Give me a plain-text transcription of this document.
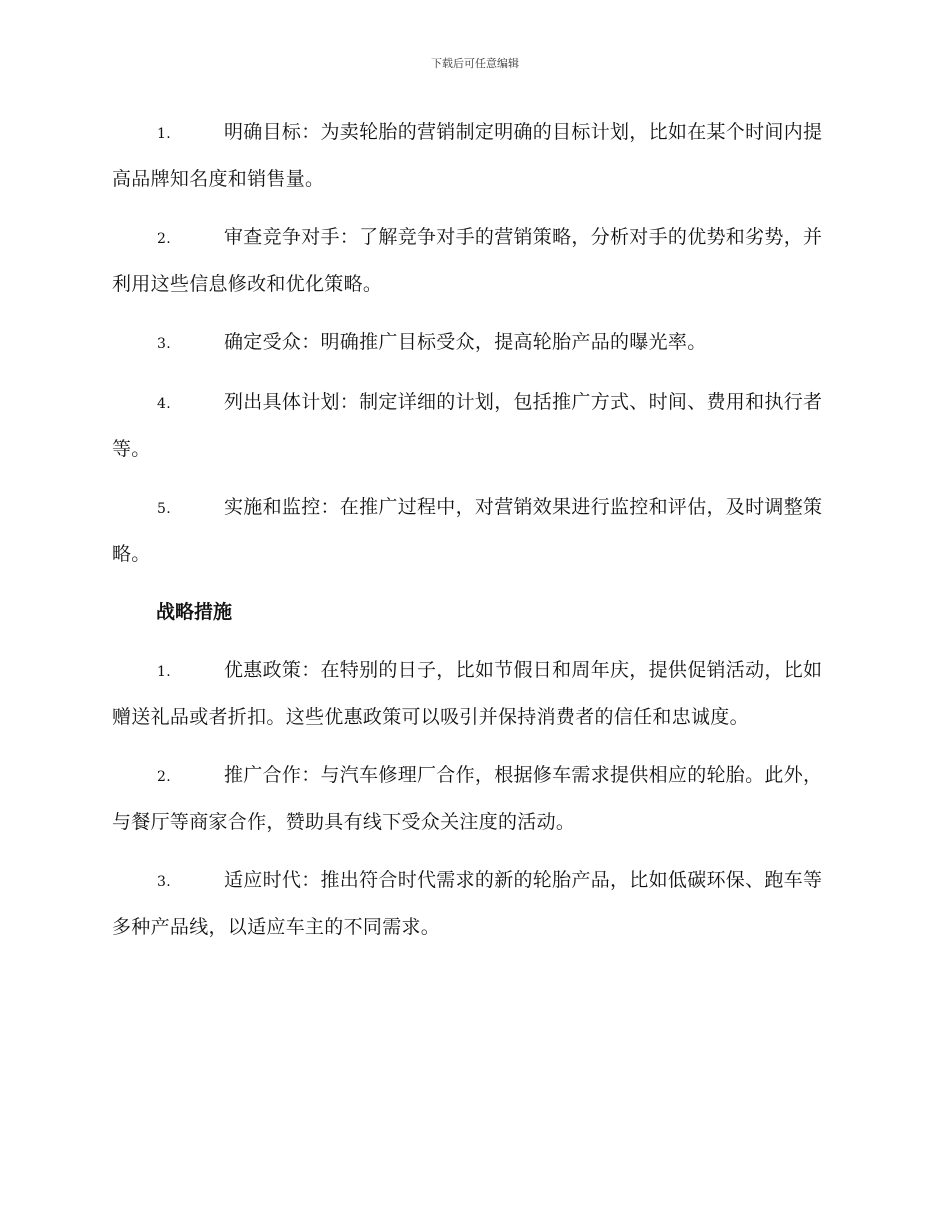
下载后可任意编辑

1.	明确目标：为卖轮胎的营销制定明确的目标计划，比如在某个时间内提高品牌知名度和销售量。

2.	审查竞争对手：了解竞争对手的营销策略，分析对手的优势和劣势，并利用这些信息修改和优化策略。

3.	确定受众：明确推广目标受众，提高轮胎产品的曝光率。

4.	列出具体计划：制定详细的计划，包括推广方式、时间、费用和执行者等。

5.	实施和监控：在推广过程中，对营销效果进行监控和评估，及时调整策略。

战略措施

1.	优惠政策：在特别的日子，比如节假日和周年庆，提供促销活动，比如赠送礼品或者折扣。这些优惠政策可以吸引并保持消费者的信任和忠诚度。

2.	推广合作：与汽车修理厂合作，根据修车需求提供相应的轮胎。此外，与餐厅等商家合作，赞助具有线下受众关注度的活动。

3.	适应时代：推出符合时代需求的新的轮胎产品，比如低碳环保、跑车等多种产品线，以适应车主的不同需求。
